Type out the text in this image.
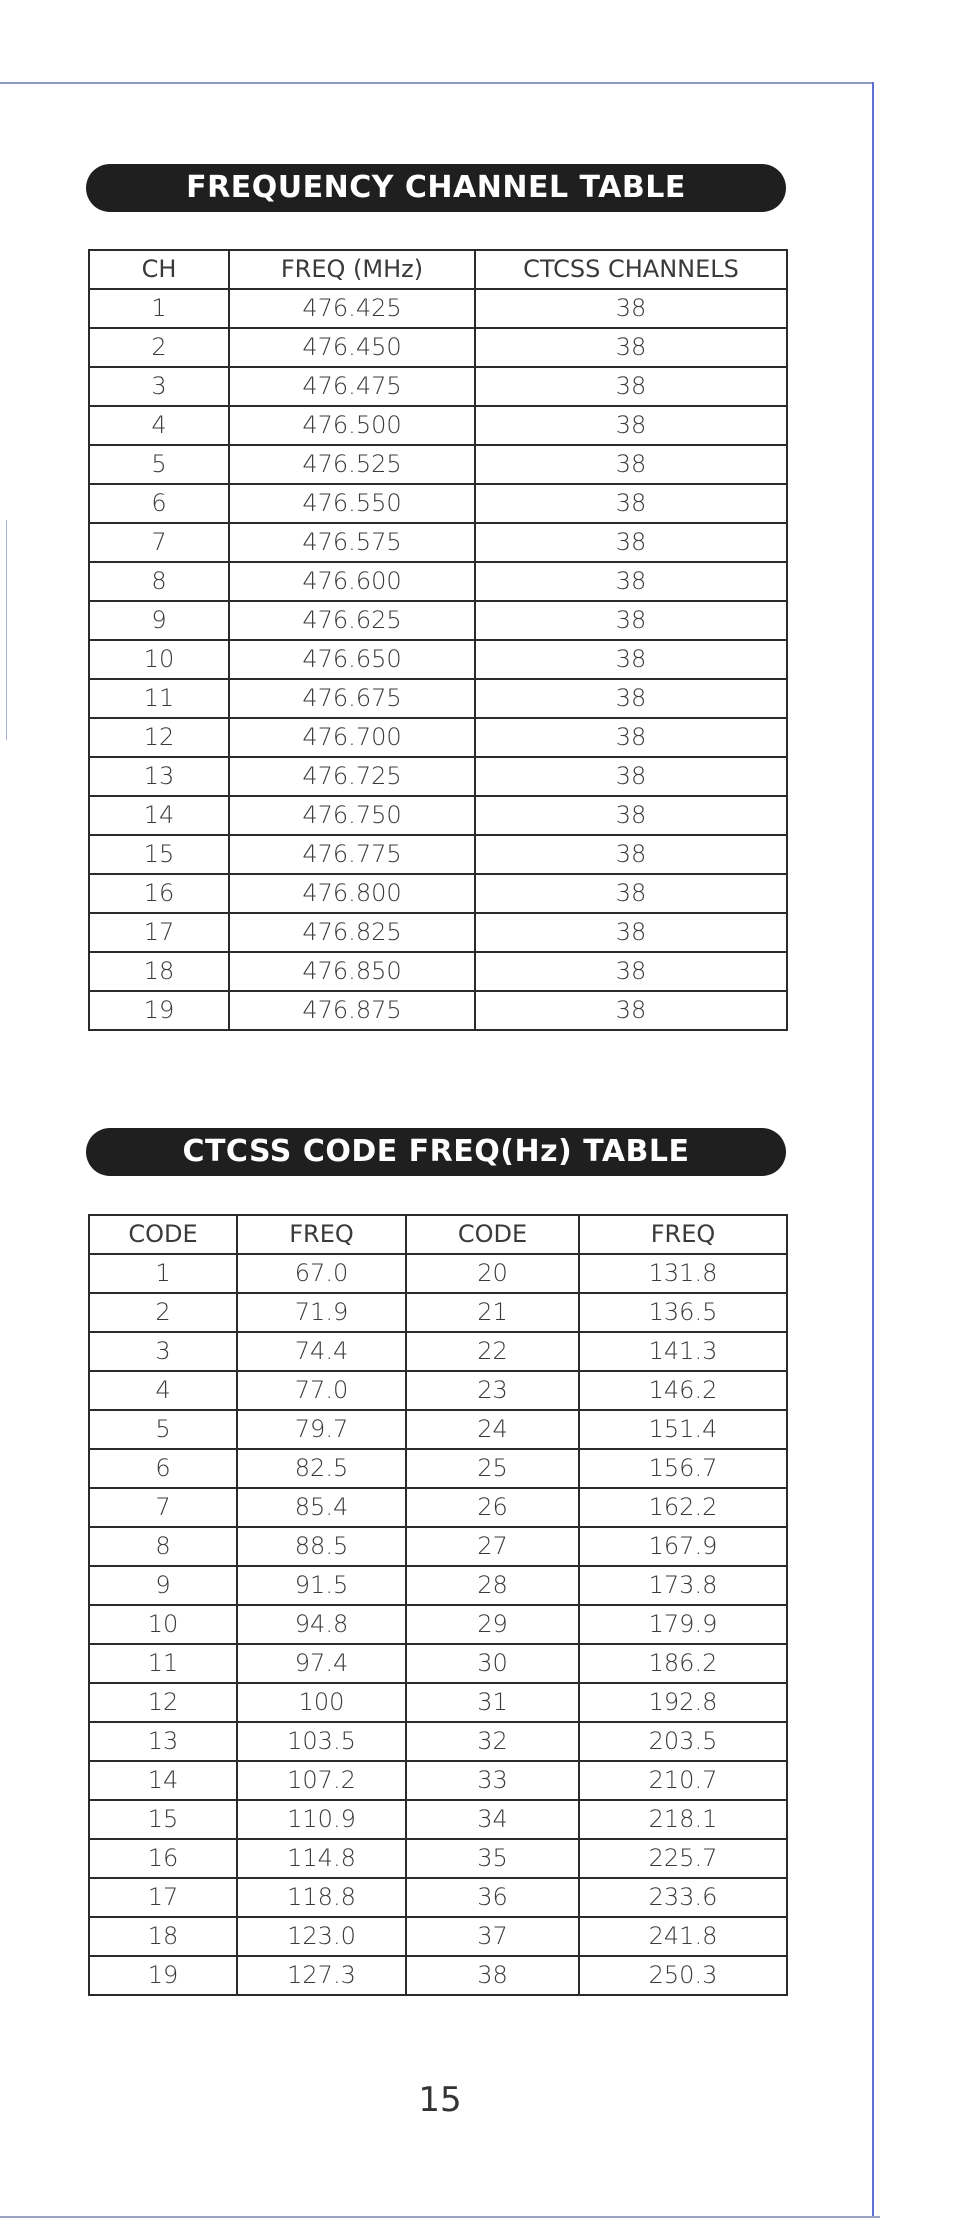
FREQUENCY CHANNEL TABLE
CH	FREQ (MHz)	CTCSS CHANNELS
1	476.425	38
2	476.450	38
3	476.475	38
4	476.500	38
5	476.525	38
6	476.550	38
7	476.575	38
8	476.600	38
9	476.625	38
10	476.650	38
11	476.675	38
12	476.700	38
13	476.725	38
14	476.750	38
15	476.775	38
16	476.800	38
17	476.825	38
18	476.850	38
19	476.875	38
CTCSS CODE FREQ(Hz) TABLE
CODE	FREQ	CODE	FREQ
1	67.0	20	131.8
2	71.9	21	136.5
3	74.4	22	141.3
4	77.0	23	146.2
5	79.7	24	151.4
6	82.5	25	156.7
7	85.4	26	162.2
8	88.5	27	167.9
9	91.5	28	173.8
10	94.8	29	179.9
11	97.4	30	186.2
12	100	31	192.8
13	103.5	32	203.5
14	107.2	33	210.7
15	110.9	34	218.1
16	114.8	35	225.7
17	118.8	36	233.6
18	123.0	37	241.8
19	127.3	38	250.3
15
